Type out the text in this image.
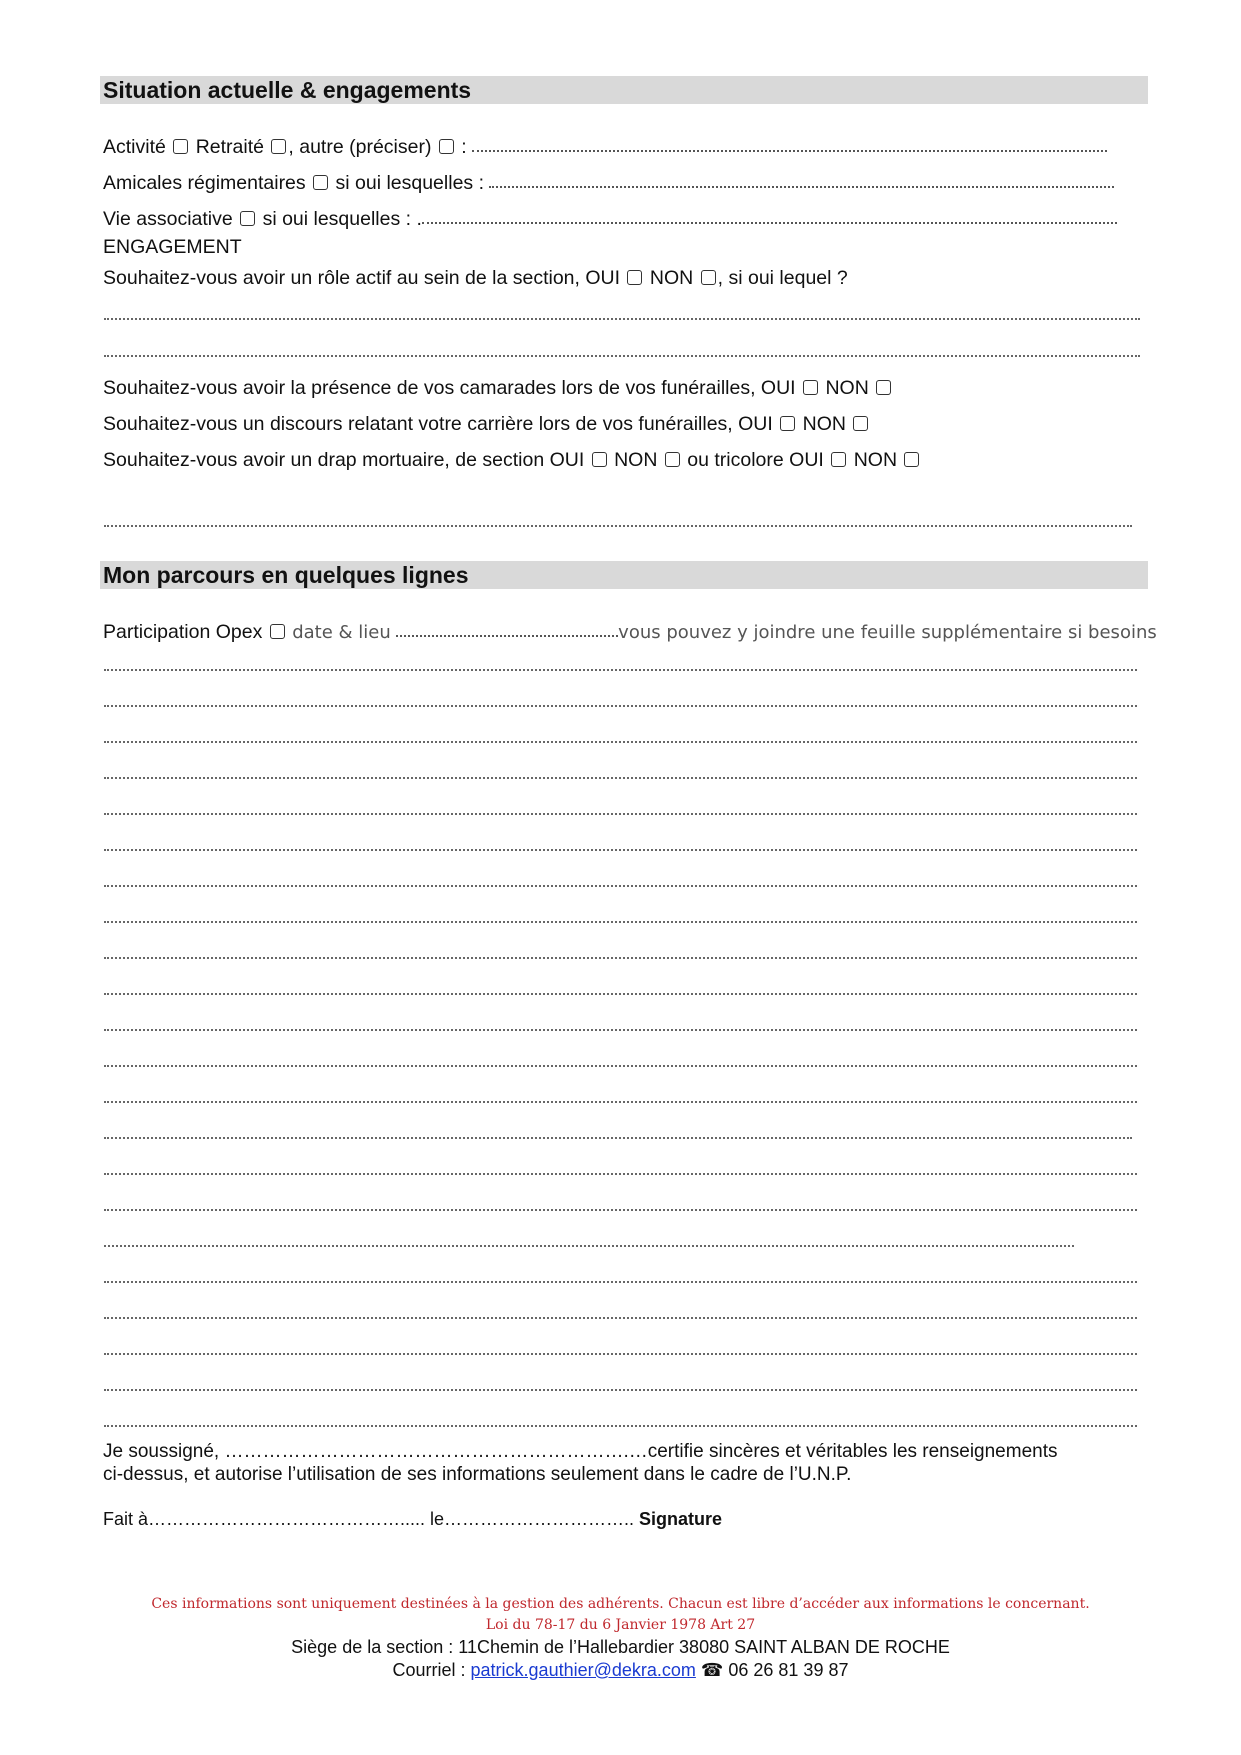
Situation actuelle & engagements
Activité Retraité , autre (préciser) :
Amicales régimentaires si oui lesquelles :
Vie associative si oui lesquelles : .
ENGAGEMENT
Souhaitez-vous avoir un rôle actif au sein de la section, OUI NON , si oui lequel ?
Souhaitez-vous avoir la présence de vos camarades lors de vos funérailles, OUI NON
Souhaitez-vous un discours relatant votre carrière lors de vos funérailles, OUI NON
Souhaitez-vous avoir un drap mortuaire, de section OUI NON ou tricolore OUI NON
Mon parcours en quelques lignes
Participation Opex date & lieu	vous pouvez y joindre une feuille supplémentaire si besoins
Je soussigné, ……………………………………………………….…certifie sincères et véritables les renseignements
ci-dessus, et autorise l’utilisation de ses informations seulement dans le cadre de l’U.N.P.
Fait à……………………………………..... le………………………….. Signature
Ces informations sont uniquement destinées à la gestion des adhérents. Chacun est libre d’accéder aux informations le concernant.
Loi du 78-17 du 6 Janvier 1978 Art 27
Siège de la section : 11Chemin de l’Hallebardier 38080 SAINT ALBAN DE ROCHE
Courriel : patrick.gauthier@dekra.com ☎ 06 26 81 39 87
